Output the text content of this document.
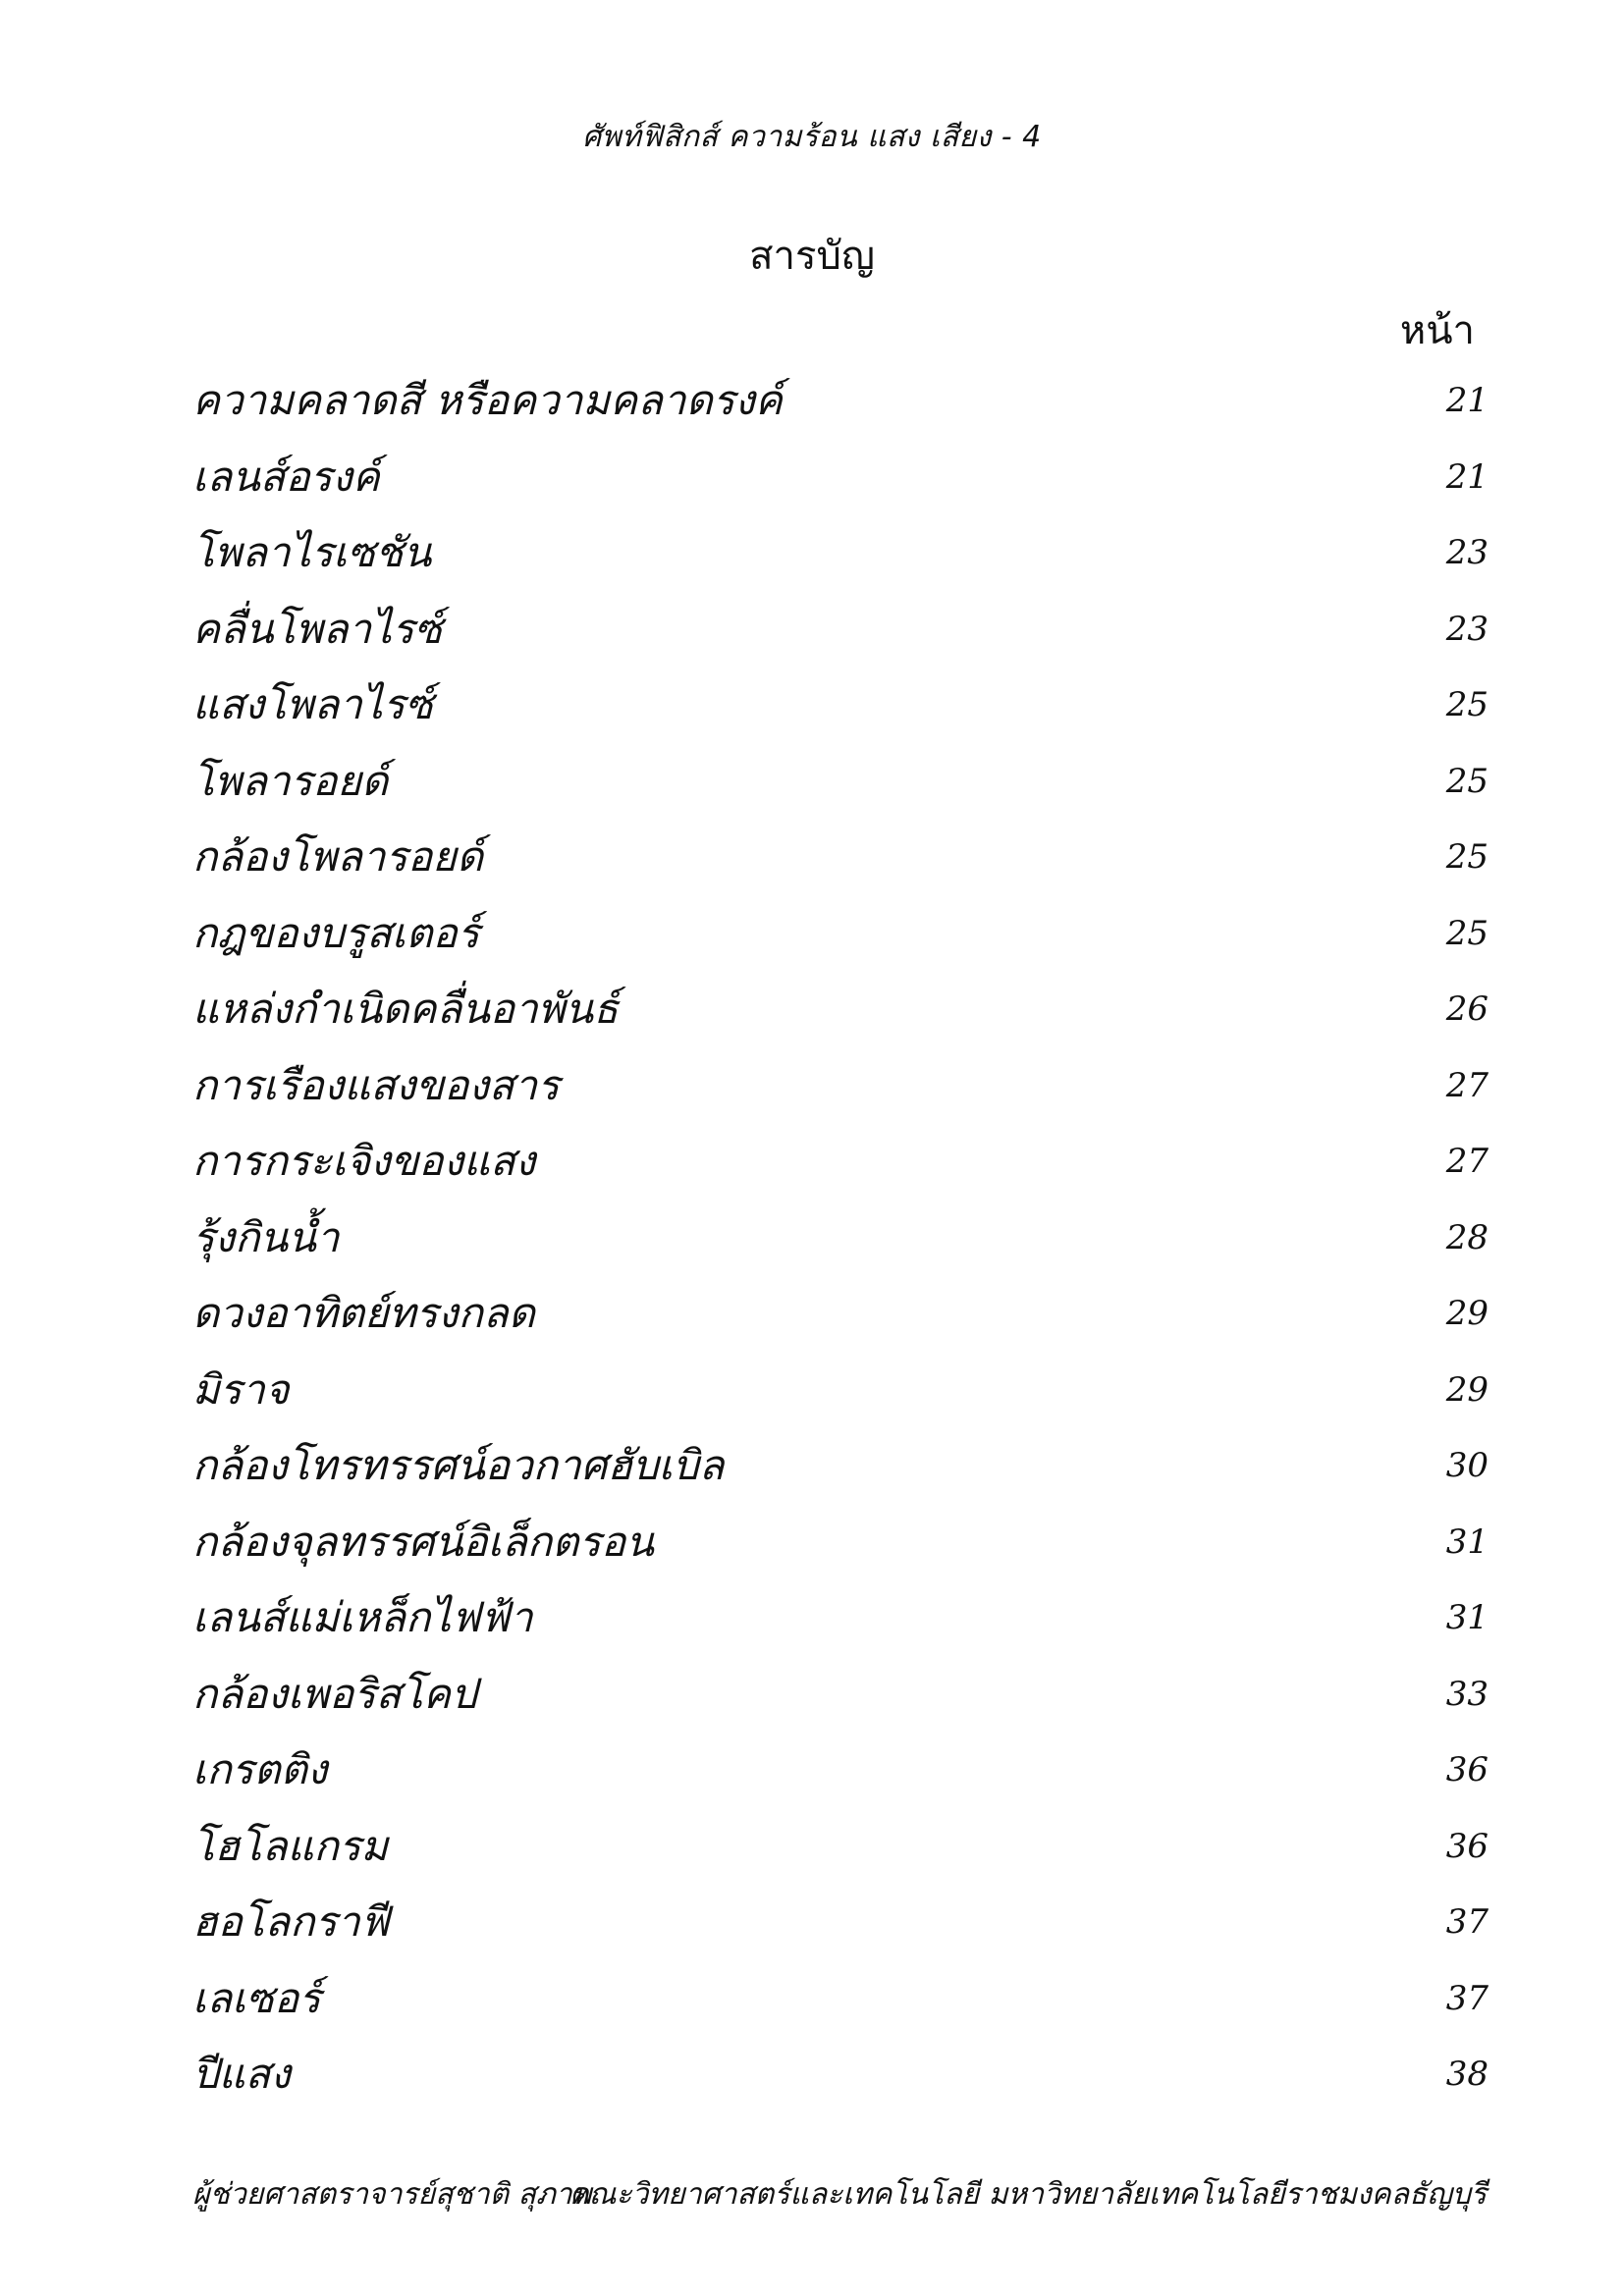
ศัพท์ฟิสิกส์ ความร้อน แสง เสียง - 4
สารบัญ
หน้า
ความคลาดสี หรือความคลาดรงค์	21
เลนส์อรงค์	21
โพลาไรเซชัน	23
คลื่นโพลาไรซ์	23
แสงโพลาไรซ์	25
โพลารอยด์	25
กล้องโพลารอยด์	25
กฎของบรูสเตอร์	25
แหล่งกำเนิดคลื่นอาพันธ์	26
การเรืองแสงของสาร	27
การกระเจิงของแสง	27
รุ้งกินน้ำ	28
ดวงอาทิตย์ทรงกลด	29
มิราจ	29
กล้องโทรทรรศน์อวกาศฮับเบิล	30
กล้องจุลทรรศน์อิเล็กตรอน	31
เลนส์แม่เหล็กไฟฟ้า	31
กล้องเพอริสโคป	33
เกรตติง	36
โฮโลแกรม	36
ฮอโลกราฟี	37
เลเซอร์	37
ปีแสง	38
ผู้ช่วยศาสตราจารย์สุชาติ สุภาพ
คณะวิทยาศาสตร์และเทคโนโลยี มหาวิทยาลัยเทคโนโลยีราชมงคลธัญบุรี
